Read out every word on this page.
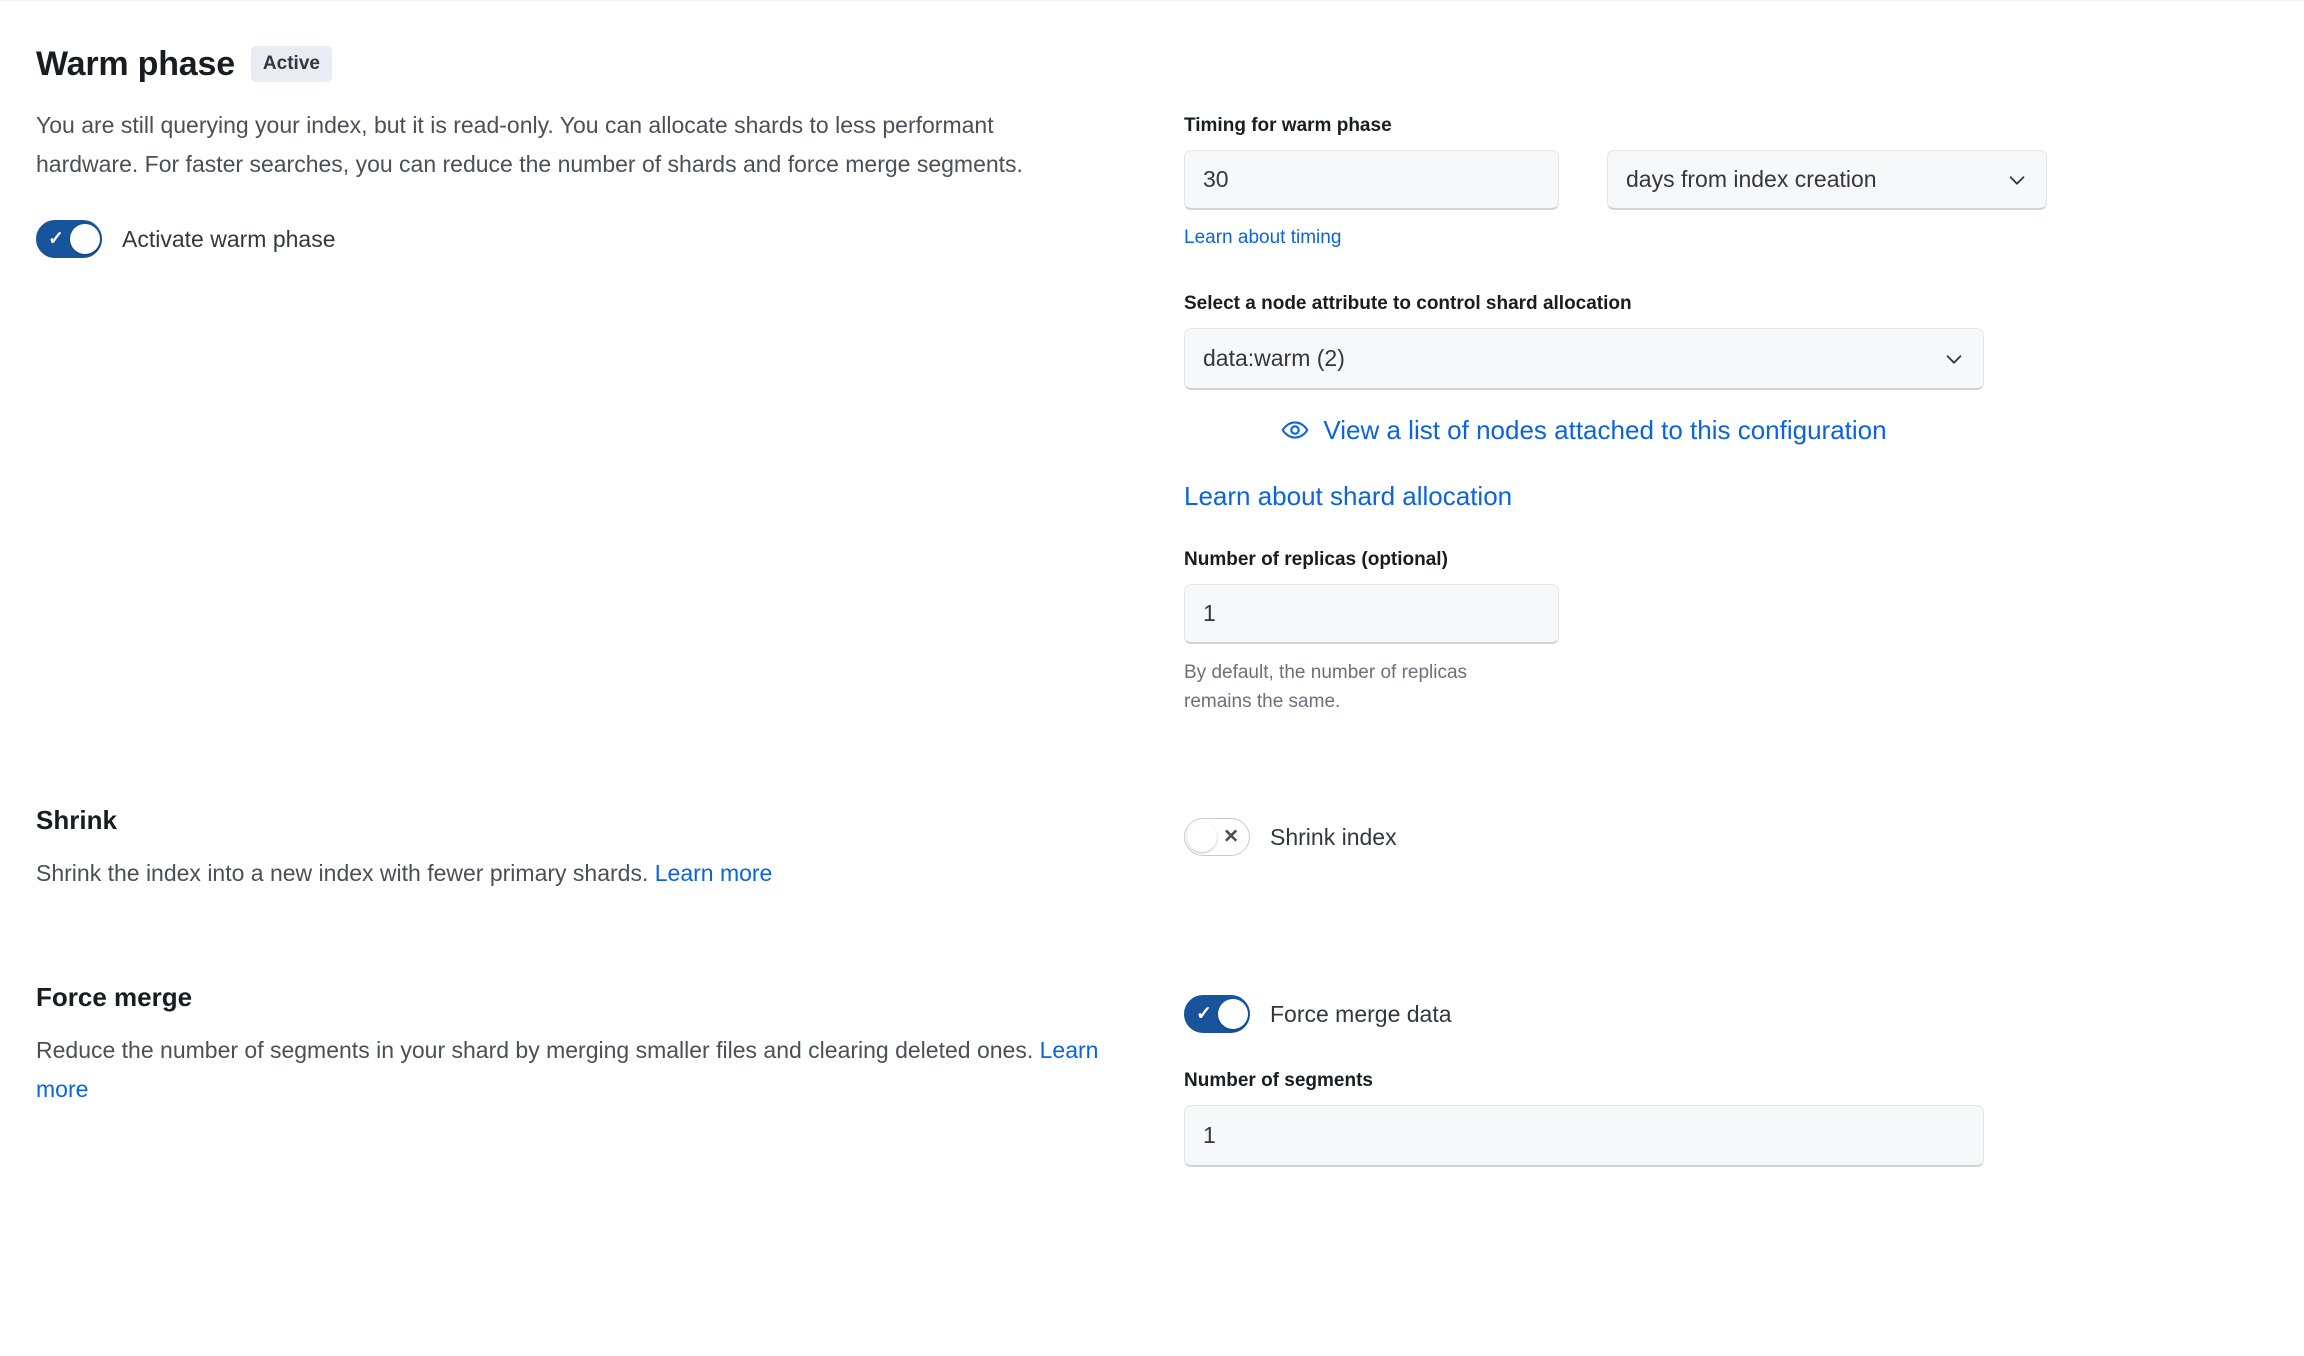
Warm phase	Active
You are still querying your index, but it is read-only. You can allocate shards to less performant hardware. For faster searches, you can reduce the number of shards and force merge segments.
✓	Activate warm phase
Timing for warm phase
30	days from index creation
Learn about timing
Select a node attribute to control shard allocation
data:warm (2)
View a list of nodes attached to this configuration
Learn about shard allocation
Number of replicas (optional)
1
By default, the number of replicas remains the same.
Shrink
Shrink the index into a new index with fewer primary shards. Learn more
✕ Shrink index
Force merge
Reduce the number of segments in your shard by merging smaller files and clearing deleted ones. Learn more
✓	Force merge data
Number of segments
1
